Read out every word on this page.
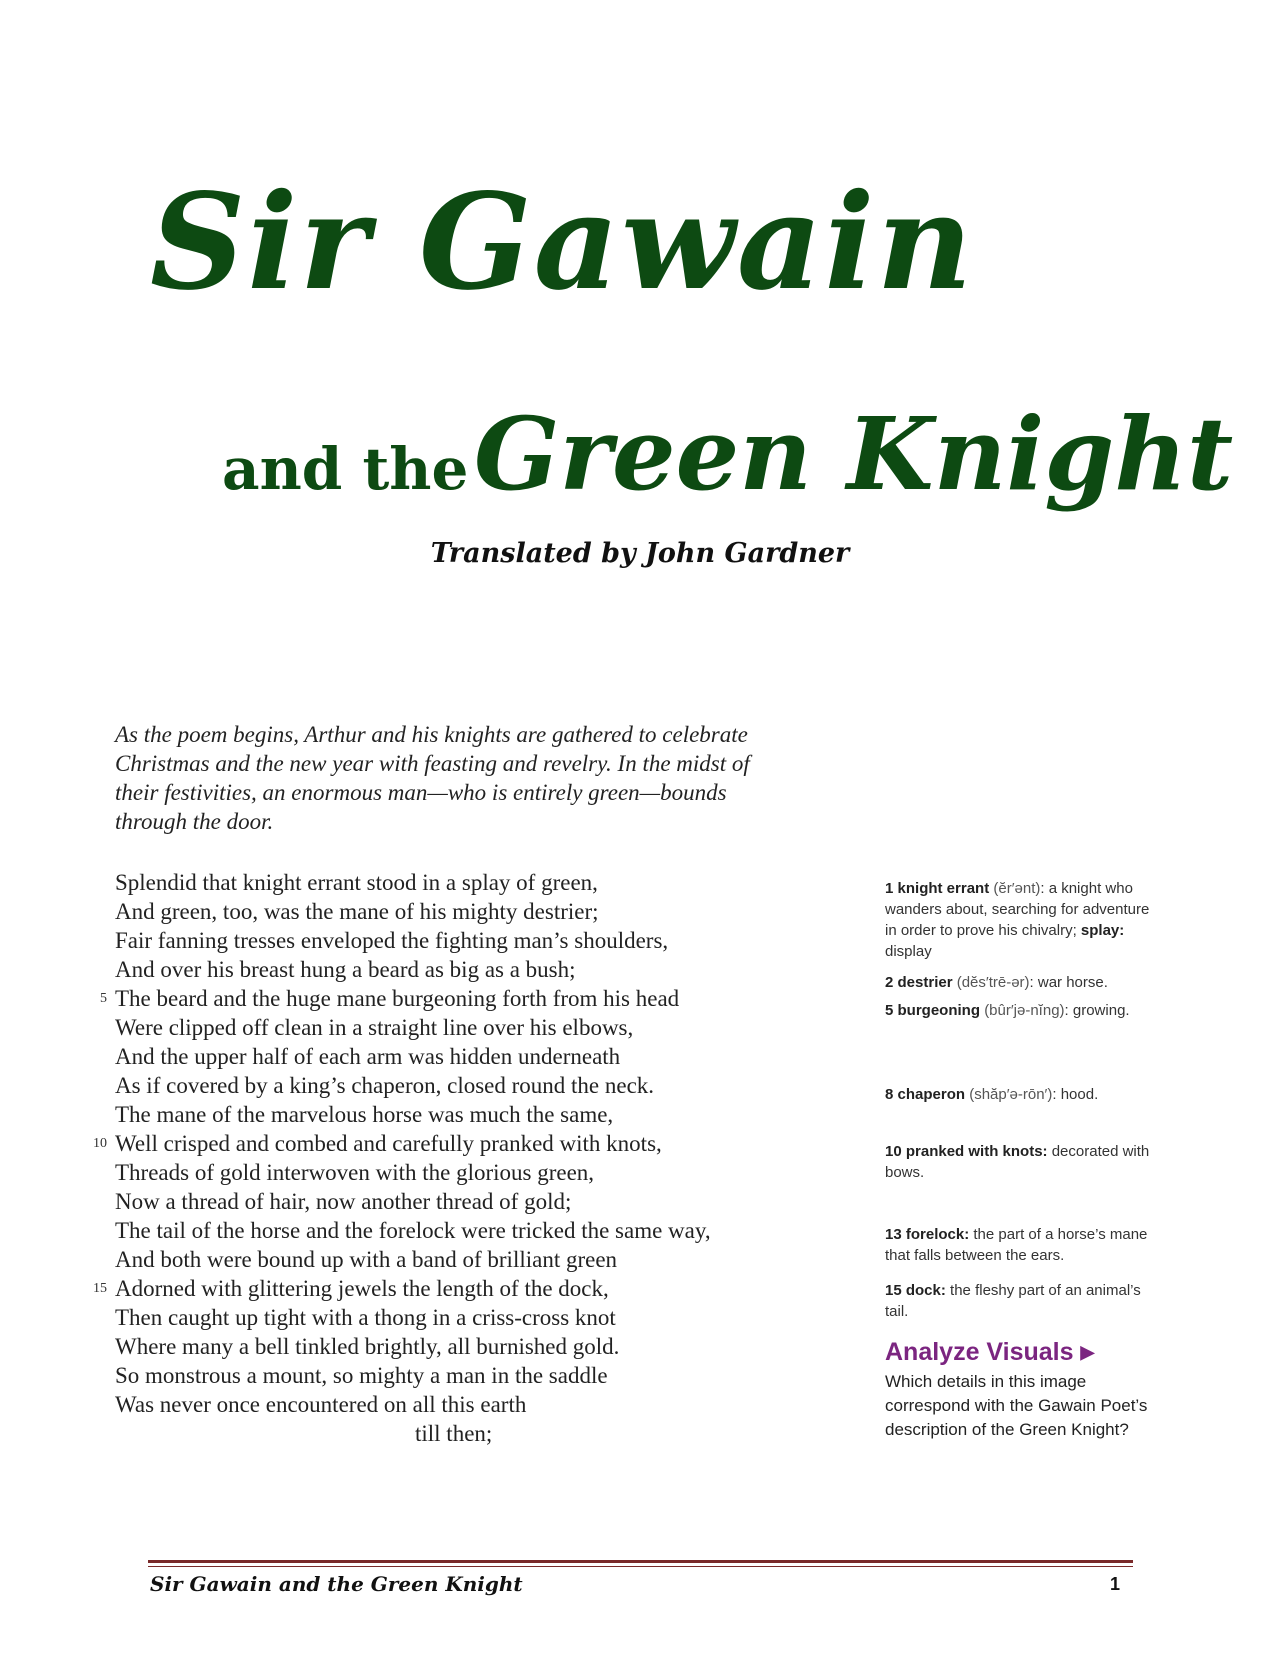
Sir Gawain
and the Green Knight
Translated by John Gardner
As the poem begins, Arthur and his knights are gathered to celebrate Christmas and the new year with feasting and revelry. In the midst of their festivities, an enormous man—who is entirely green—bounds through the door.
Splendid that knight errant stood in a splay of green,
And green, too, was the mane of his mighty destrier;
Fair fanning tresses enveloped the fighting man’s shoulders,
And over his breast hung a beard as big as a bush;
5 The beard and the huge mane burgeoning forth from his head
Were clipped off clean in a straight line over his elbows,
And the upper half of each arm was hidden underneath
As if covered by a king’s chaperon, closed round the neck.
The mane of the marvelous horse was much the same,
10 Well crisped and combed and carefully pranked with knots,
Threads of gold interwoven with the glorious green,
Now a thread of hair, now another thread of gold;
The tail of the horse and the forelock were tricked the same way,
And both were bound up with a band of brilliant green
15 Adorned with glittering jewels the length of the dock,
Then caught up tight with a thong in a criss-cross knot
Where many a bell tinkled brightly, all burnished gold.
So monstrous a mount, so mighty a man in the saddle
Was never once encountered on all this earth
till then;
1 knight errant (ĕr′ənt): a knight who wanders about, searching for adventure in order to prove his chivalry; splay: display
2 destrier (dĕs′trē-ər): war horse.
5 burgeoning (bûr′jə-nĭng): growing.
8 chaperon (shăp′ə-rōn′): hood.
10 pranked with knots: decorated with bows.
13 forelock: the part of a horse’s mane that falls between the ears.
15 dock: the fleshy part of an animal’s tail.
Analyze Visuals ▶
Which details in this image correspond with the Gawain Poet’s description of the Green Knight?
Sir Gawain and the Green Knight	1
